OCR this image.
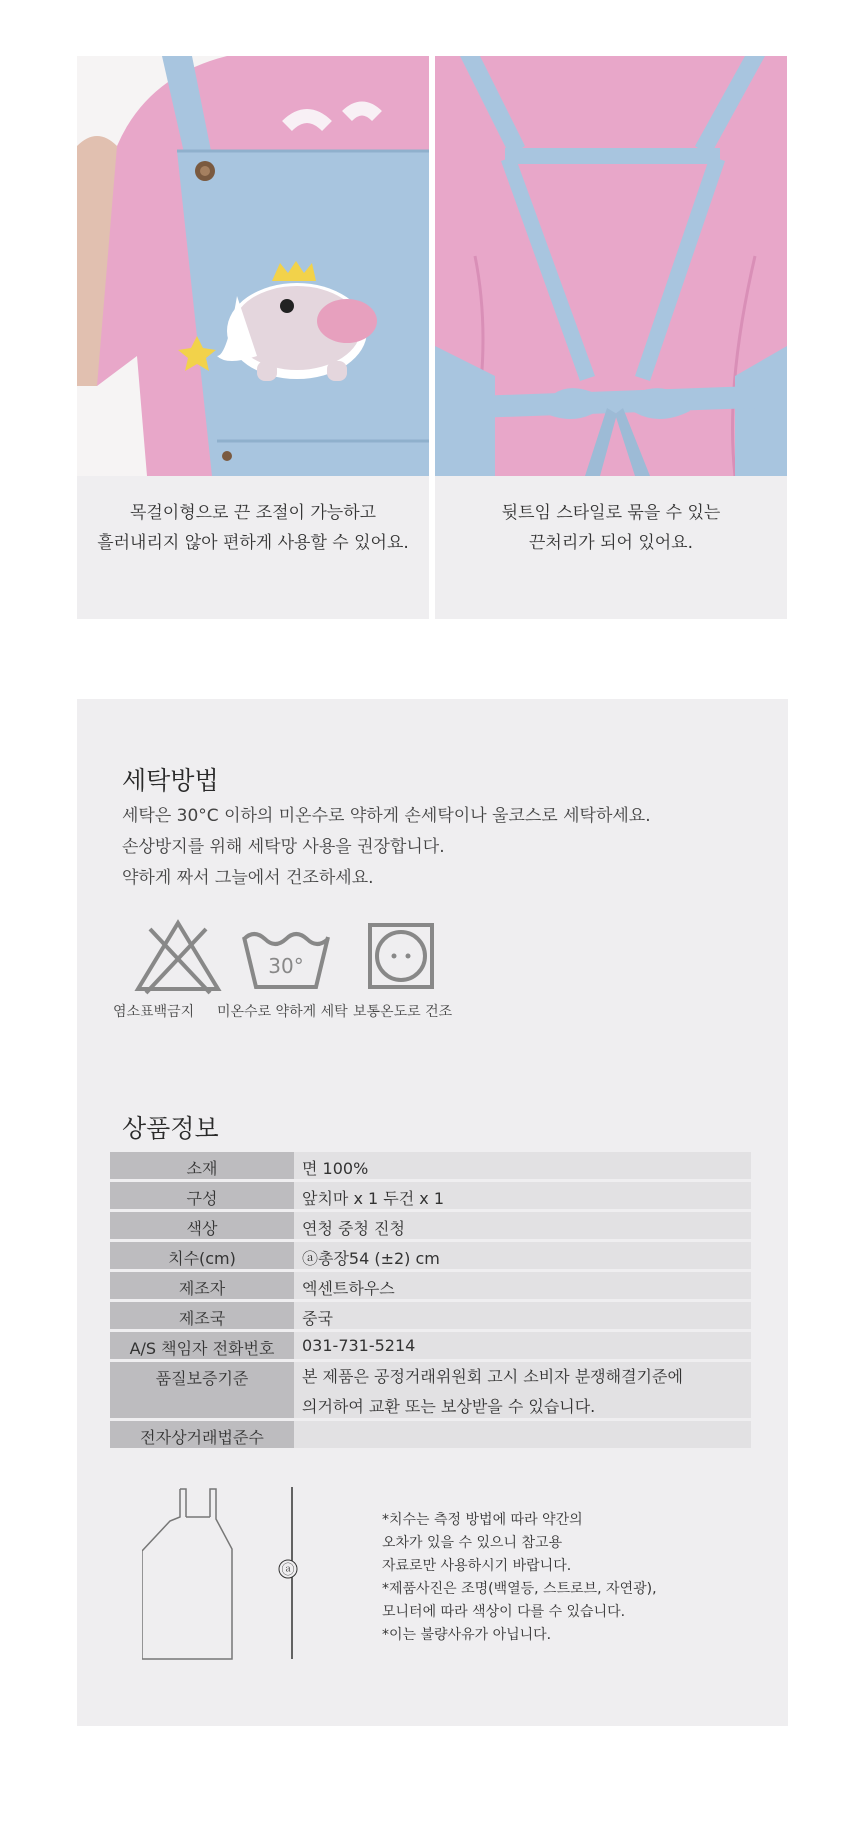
목걸이형으로 끈 조절이 가능하고
흘러내리지 않아 편하게 사용할 수 있어요.
뒷트임 스타일로 묶을 수 있는
끈처리가 되어 있어요.
세탁방법
세탁은 30°C 이하의 미온수로 약하게 손세탁이나 울코스로 세탁하세요.
손상방지를 위해 세탁망 사용을 권장합니다.
약하게 짜서 그늘에서 건조하세요.
염소표백금지
30°
미온수로 약하게 세탁 보통온도로 건조
상품정보
소재	면 100%
구성	앞치마 x 1 두건 x 1
색상	연청 중청 진청
치수(cm)	ⓐ총장54 (±2) cm
제조자	엑센트하우스
제조국	중국
A/S 책임자 전화번호	031-731-5214
품질보증기준	본 제품은 공정거래위원회 고시 소비자 분쟁해결기준에
의거하여 교환 또는 보상받을 수 있습니다.
전자상거래법준수
ⓐ
*치수는 측정 방법에 따라 약간의
오차가 있을 수 있으니 참고용
자료로만 사용하시기 바랍니다.
*제품사진은 조명(백열등, 스트로브, 자연광),
모니터에 따라 색상이 다를 수 있습니다.
*이는 불량사유가 아닙니다.
